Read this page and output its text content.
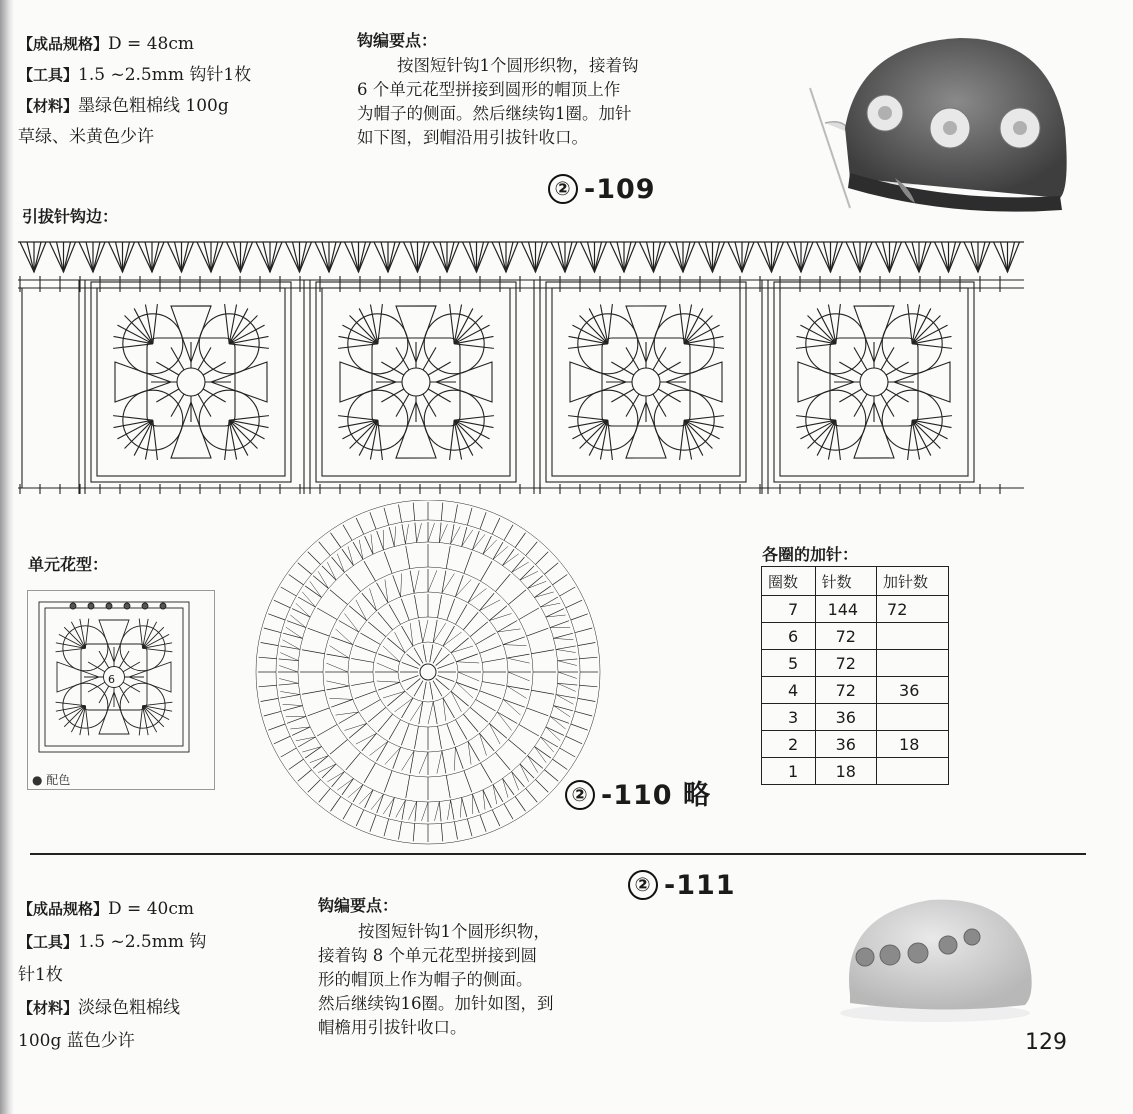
【成品规格】D = 48cm
【工具】1.5 ~2.5mm 钩针1枚
【材料】墨绿色粗棉线 100g
草绿、米黄色少许
钩编要点：
按图短针钩1个圆形织物，接着钩
6 个单元花型拼接到圆形的帽顶上作
为帽子的侧面。然后继续钩1圈。加针
如下图，到帽沿用引拔针收口。
② -109
引拔针钩边：
单元花型：
6
● 配色
② -110 略
各圈的加针：
圈数	针数	加针数
7	144	72
6	72	
5	72	
4	72	36
3	36	
2	36	18
1	18	
② -111
【成品规格】D = 40cm
【工具】1.5 ~2.5mm 钩
针1枚
【材料】淡绿色粗棉线
100g 蓝色少许
钩编要点：
按图短针钩1个圆形织物，
接着钩 8 个单元花型拼接到圆
形的帽顶上作为帽子的侧面。
然后继续钩16圈。加针如图，到
帽檐用引拔针收口。
129
